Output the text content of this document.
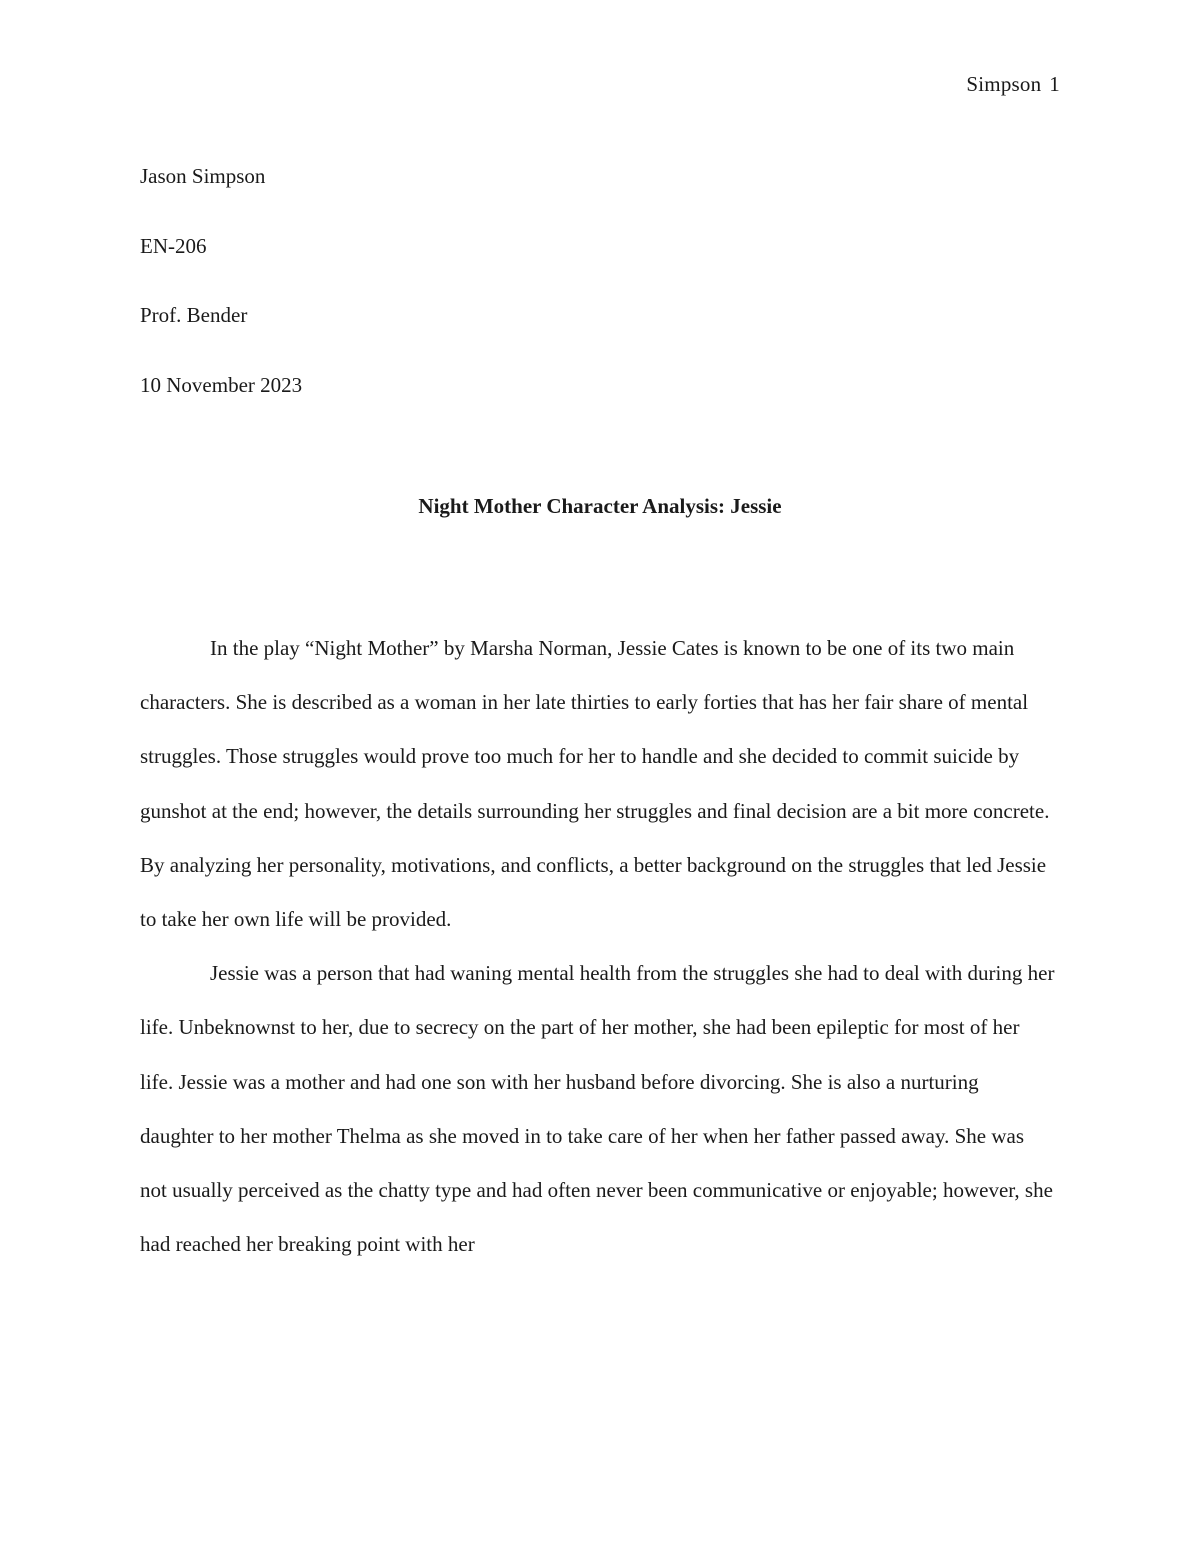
Simpson 1
Jason Simpson
EN-206
Prof. Bender
10 November 2023
Night Mother Character Analysis: Jessie

In the play “Night Mother” by Marsha Norman, Jessie Cates is known to be one of its two main characters. She is described as a woman in her late thirties to early forties that has her fair share of mental struggles. Those struggles would prove too much for her to handle and she decided to commit suicide by gunshot at the end; however, the details surrounding her struggles and final decision are a bit more concrete. By analyzing her personality, motivations, and conflicts, a better background on the struggles that led Jessie to take her own life will be provided.

Jessie was a person that had waning mental health from the struggles she had to deal with during her life. Unbeknownst to her, due to secrecy on the part of her mother, she had been epileptic for most of her life. Jessie was a mother and had one son with her husband before divorcing. She is also a nurturing daughter to her mother Thelma as she moved in to take care of her when her father passed away. She was not usually perceived as the chatty type and had often never been communicative or enjoyable; however, she had reached her breaking point with her
